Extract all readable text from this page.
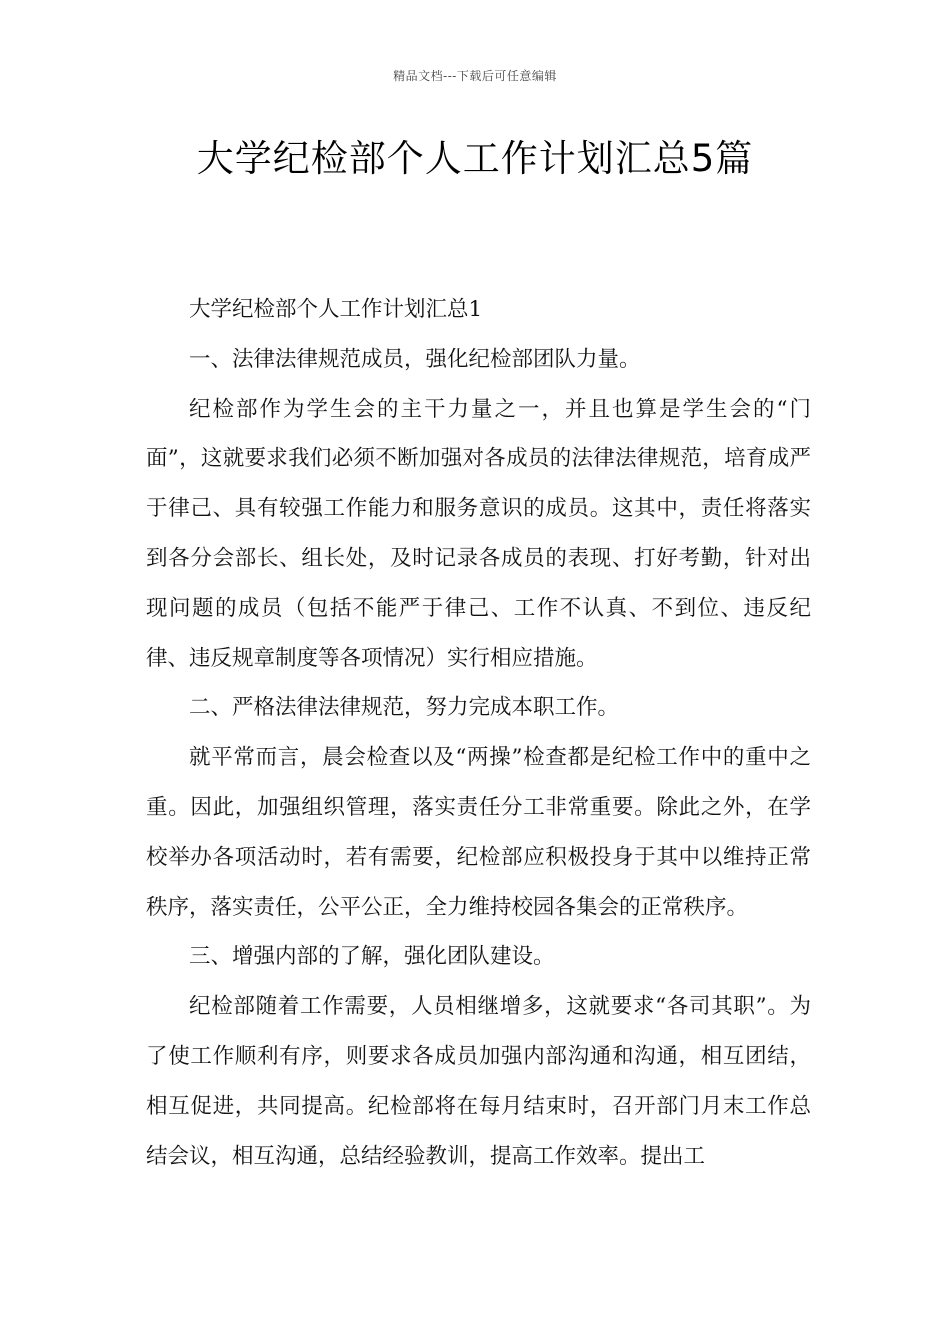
精品文档---下载后可任意编辑
大学纪检部个人工作计划汇总5篇

大学纪检部个人工作计划汇总1

一、法律法律规范成员，强化纪检部团队力量。

纪检部作为学生会的主干力量之一，并且也算是学生会的“门面”，这就要求我们必须不断加强对各成员的法律法律规范，培育成严于律己、具有较强工作能力和服务意识的成员。这其中，责任将落实到各分会部长、组长处，及时记录各成员的表现、打好考勤，针对出现问题的成员（包括不能严于律己、工作不认真、不到位、违反纪律、违反规章制度等各项情况）实行相应措施。

二、严格法律法律规范，努力完成本职工作。

就平常而言，晨会检查以及“两操”检查都是纪检工作中的重中之重。因此，加强组织管理，落实责任分工非常重要。除此之外，在学校举办各项活动时，若有需要，纪检部应积极投身于其中以维持正常秩序，落实责任，公平公正，全力维持校园各集会的正常秩序。

三、增强内部的了解，强化团队建设。

纪检部随着工作需要，人员相继增多，这就要求“各司其职”。为了使工作顺利有序，则要求各成员加强内部沟通和沟通，相互团结，相互促进，共同提高。纪检部将在每月结束时，召开部门月末工作总结会议，相互沟通，总结经验教训，提高工作效率。提出工
